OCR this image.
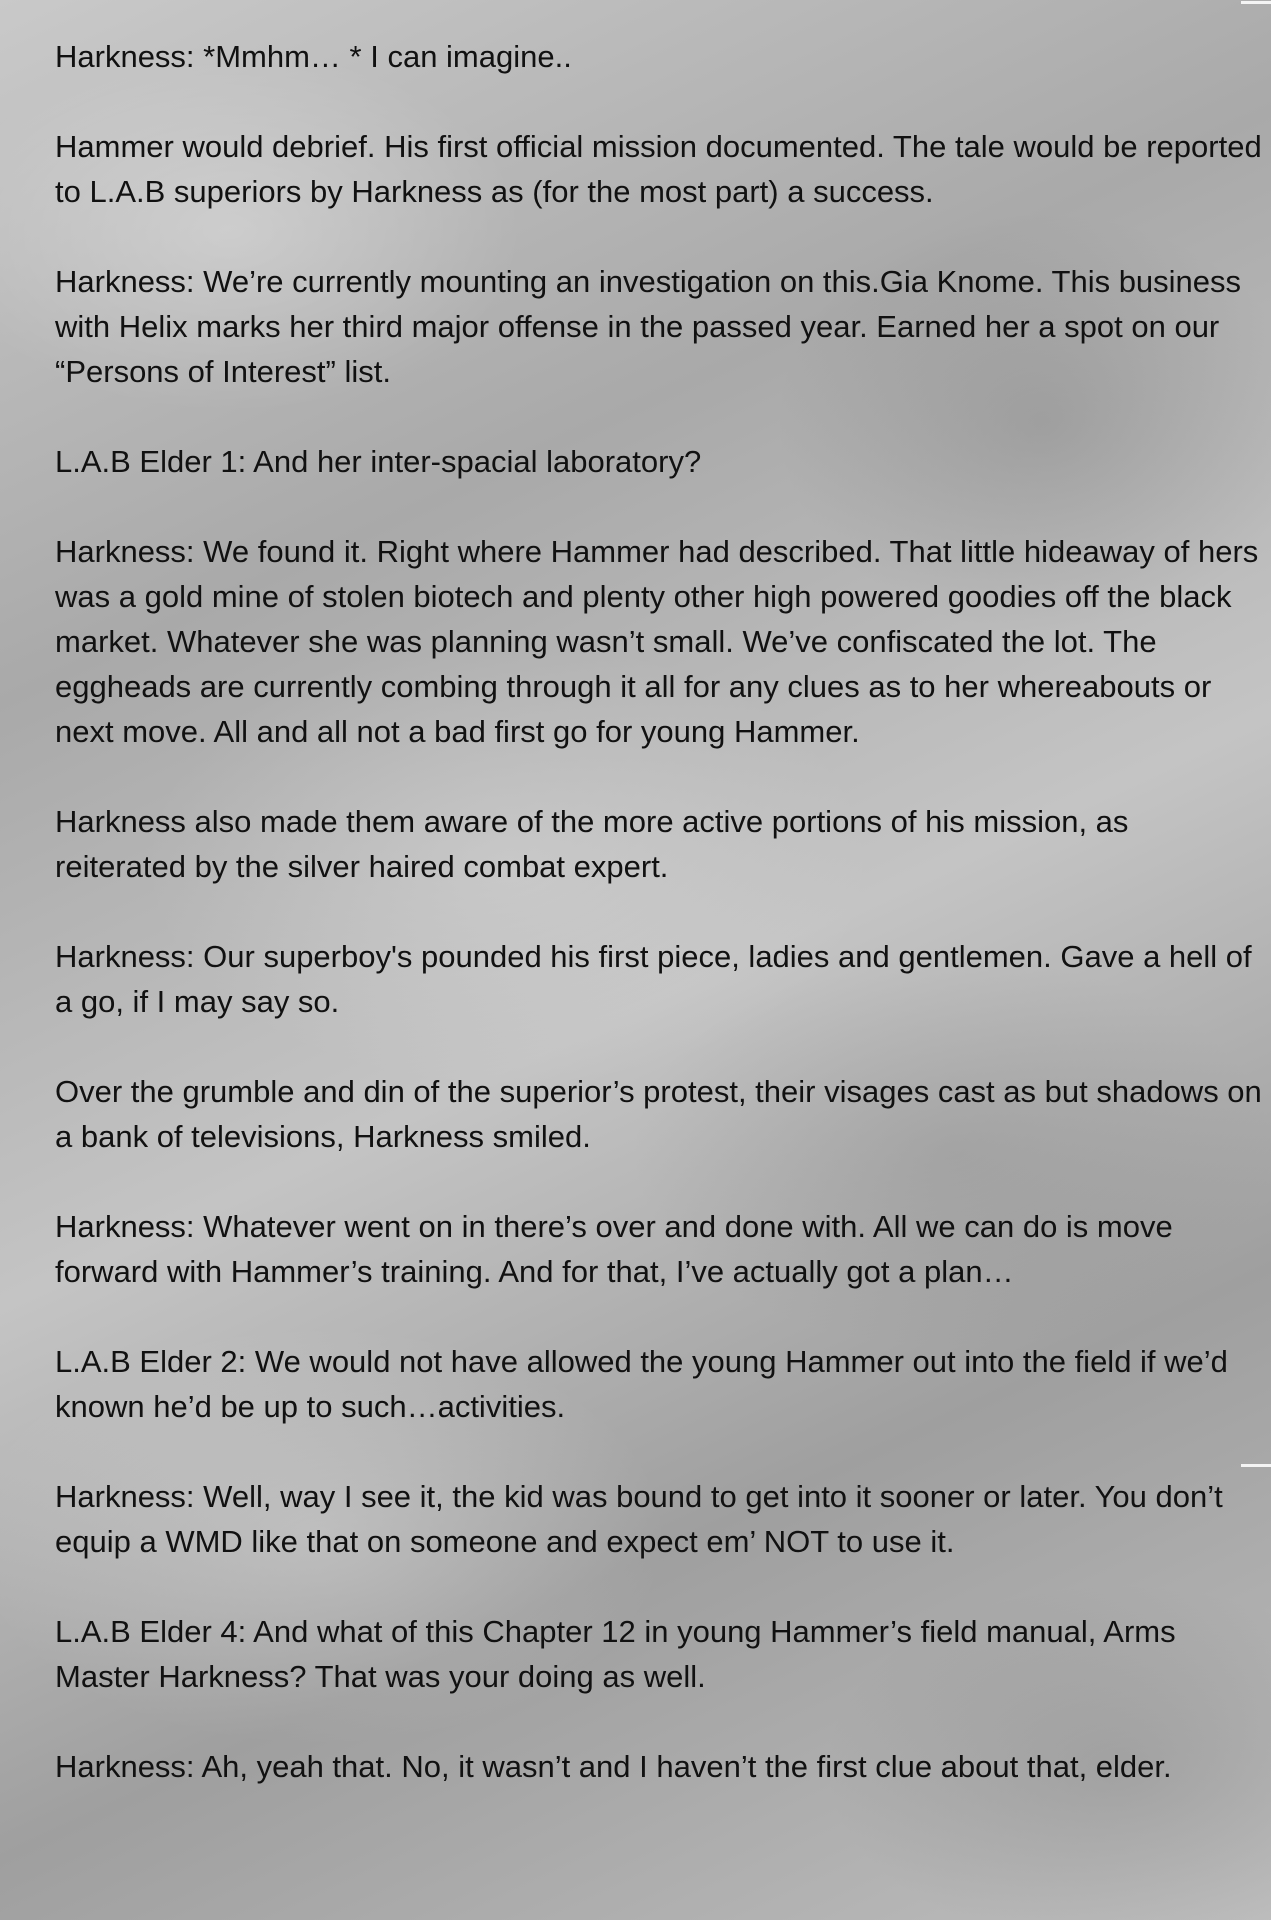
Harkness: *Mmhm… * I can imagine..

Hammer would debrief. His first official mission documented. The tale would be reported to L.A.B superiors by Harkness as (for the most part) a success.

Harkness: We’re currently mounting an investigation on this.Gia Knome. This business with Helix marks her third major offense in the passed year. Earned her a spot on our “Persons of Interest” list.

L.A.B Elder 1: And her inter-spacial laboratory?

Harkness: We found it. Right where Hammer had described. That little hideaway of hers was a gold mine of stolen biotech and plenty other high powered goodies off the black market. Whatever she was planning wasn’t small. We’ve confiscated the lot. The eggheads are currently combing through it all for any clues as to her whereabouts or next move. All and all not a bad first go for young Hammer.

Harkness also made them aware of the more active portions of his mission, as reiterated by the silver haired combat expert.

Harkness: Our superboy's pounded his first piece, ladies and gentlemen. Gave a hell of a go, if I may say so.

Over the grumble and din of the superior’s protest, their visages cast as but shadows on a bank of televisions, Harkness smiled.

Harkness: Whatever went on in there’s over and done with. All we can do is move forward with Hammer’s training. And for that, I’ve actually got a plan…

L.A.B Elder 2: We would not have allowed the young Hammer out into the field if we’d known he’d be up to such…activities.

Harkness: Well, way I see it, the kid was bound to get into it sooner or later. You don’t equip a WMD like that on someone and expect em’ NOT to use it.

L.A.B Elder 4: And what of this Chapter 12 in young Hammer’s field manual, Arms Master Harkness? That was your doing as well.

Harkness: Ah, yeah that. No, it wasn’t and I haven’t the first clue about that, elder.
